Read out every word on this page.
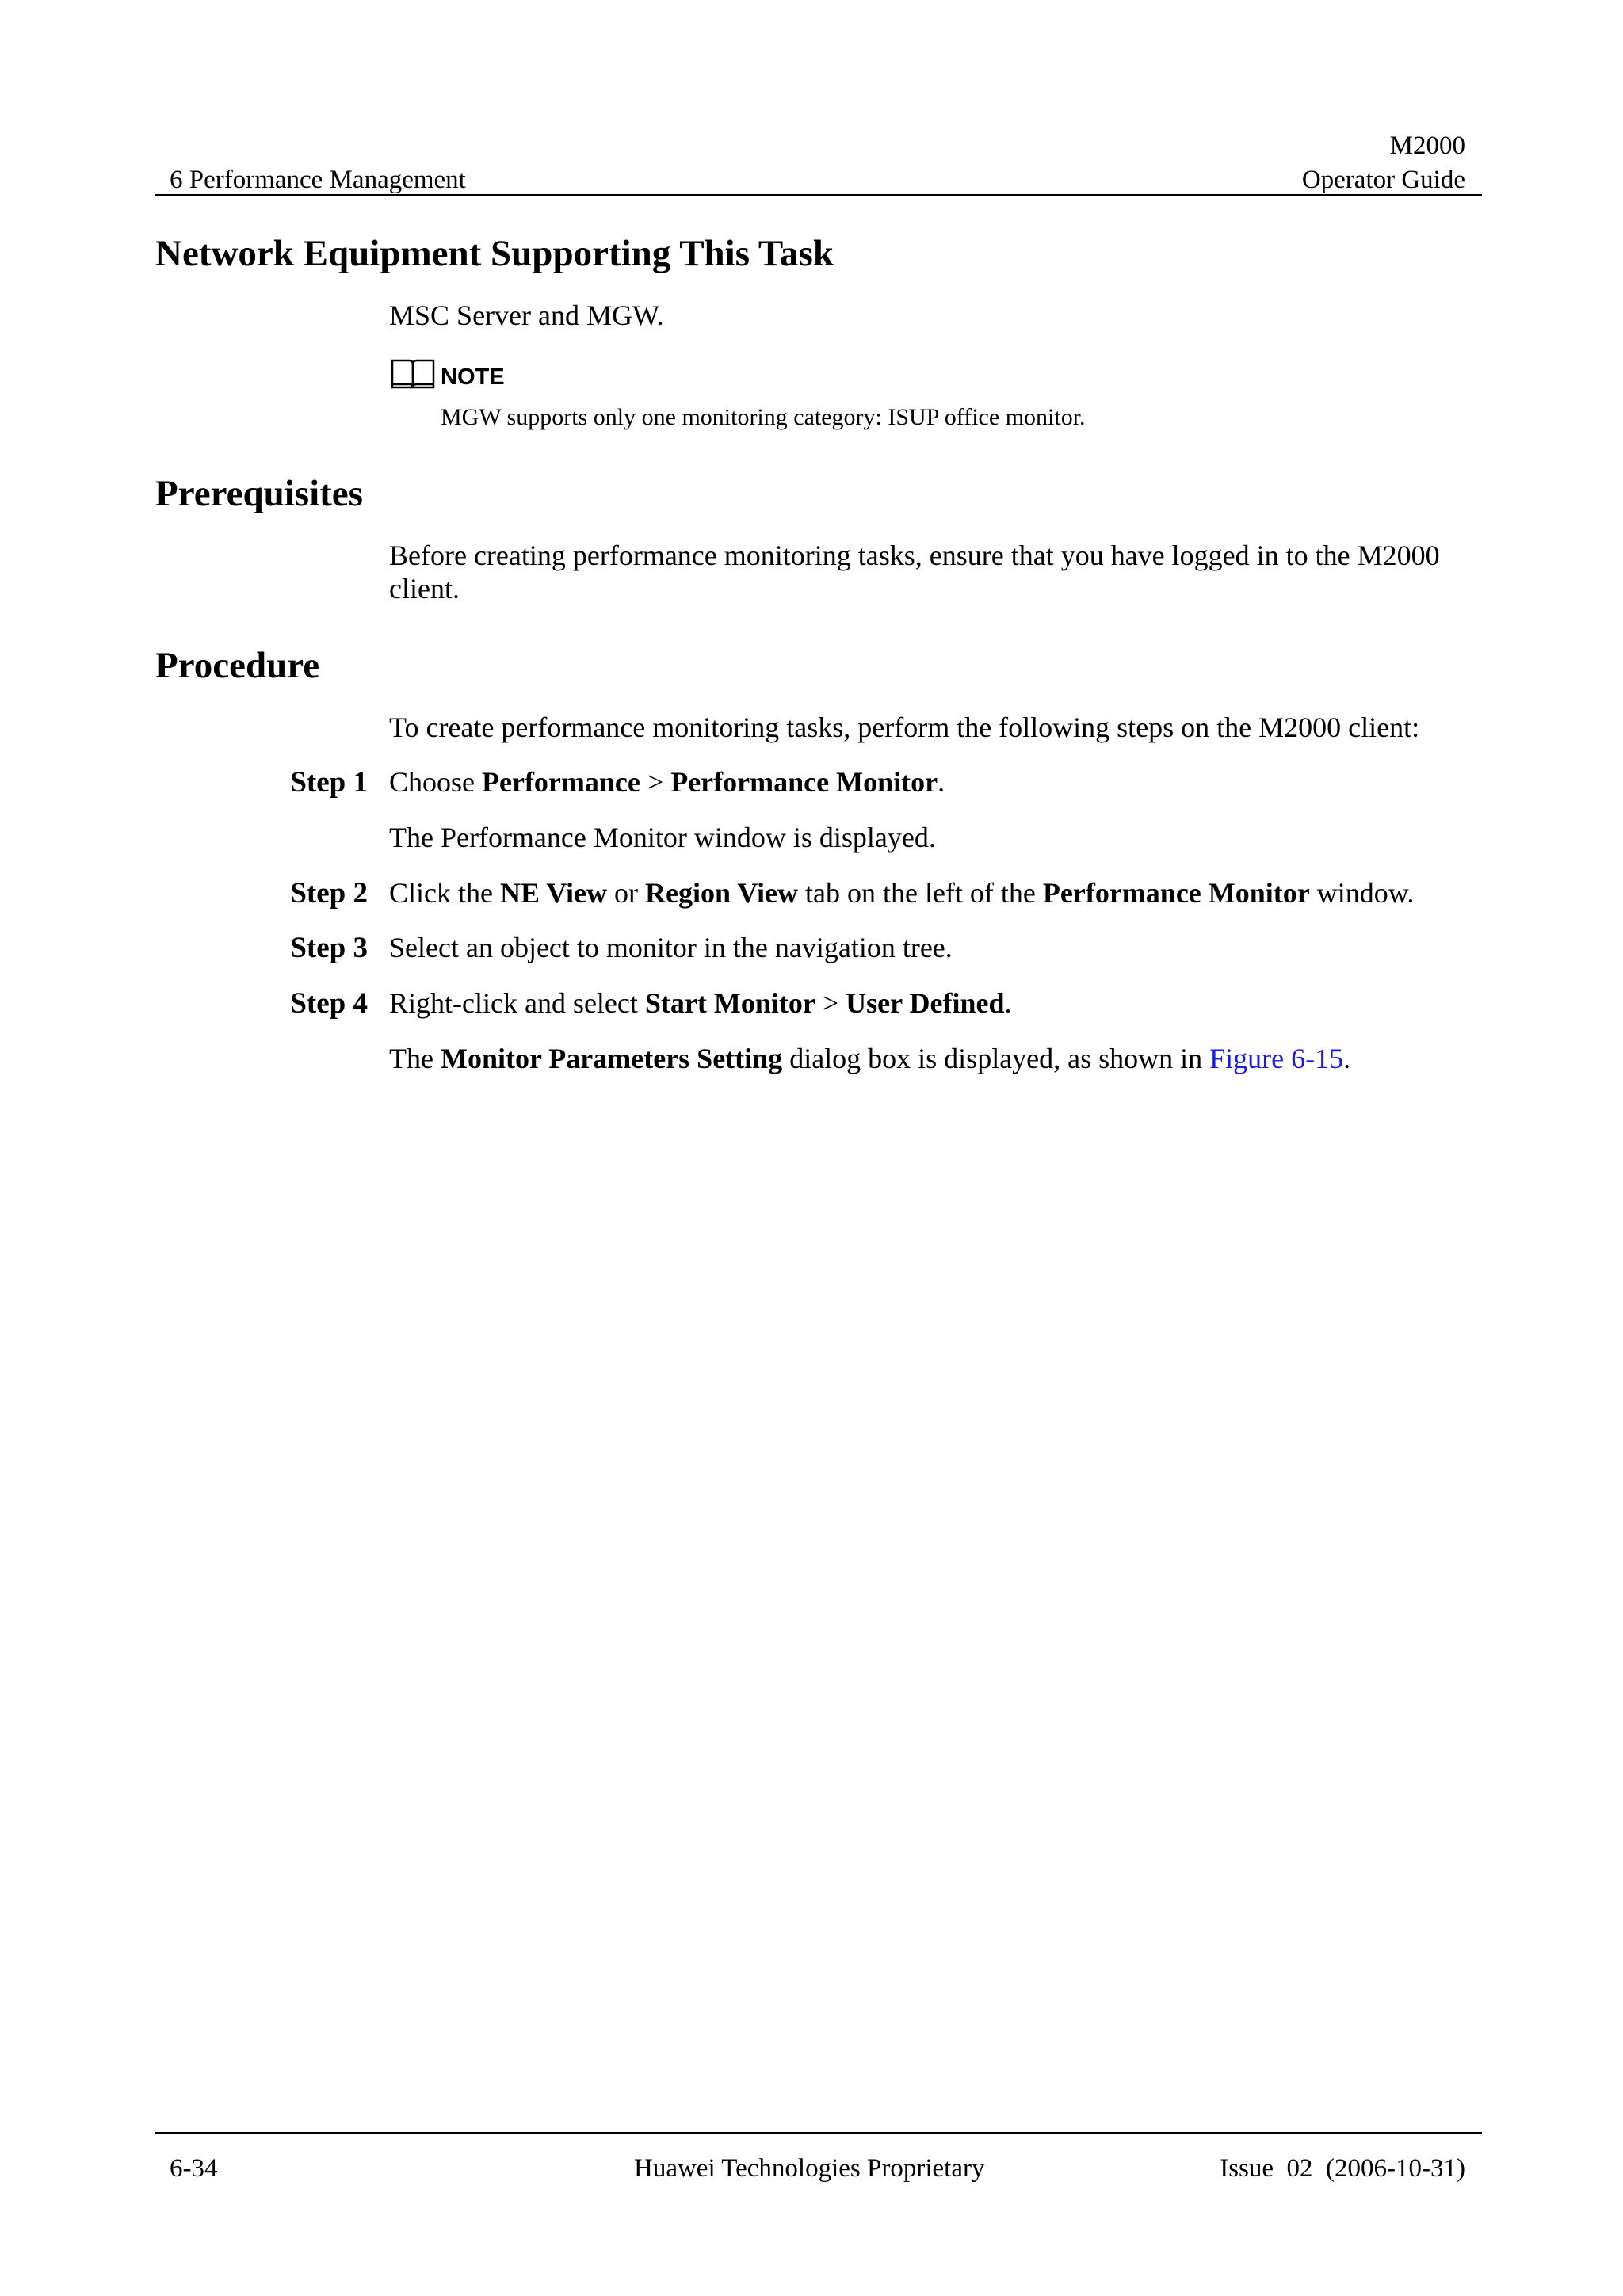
M2000
6 Performance Management	Operator Guide
Network Equipment Supporting This Task
MSC Server and MGW.
NOTE
MGW supports only one monitoring category: ISUP office monitor.
Prerequisites
Before creating performance monitoring tasks, ensure that you have logged in to the M2000 client.
Procedure
To create performance monitoring tasks, perform the following steps on the M2000 client:
Step 1 Choose Performance > Performance Monitor.
The Performance Monitor window is displayed.
Step 2 Click the NE View or Region View tab on the left of the Performance Monitor window.
Step 3 Select an object to monitor in the navigation tree.
Step 4 Right-click and select Start Monitor > User Defined.
The Monitor Parameters Setting dialog box is displayed, as shown in Figure 6-15.
6-34	Huawei Technologies Proprietary	Issue  02  (2006-10-31)
